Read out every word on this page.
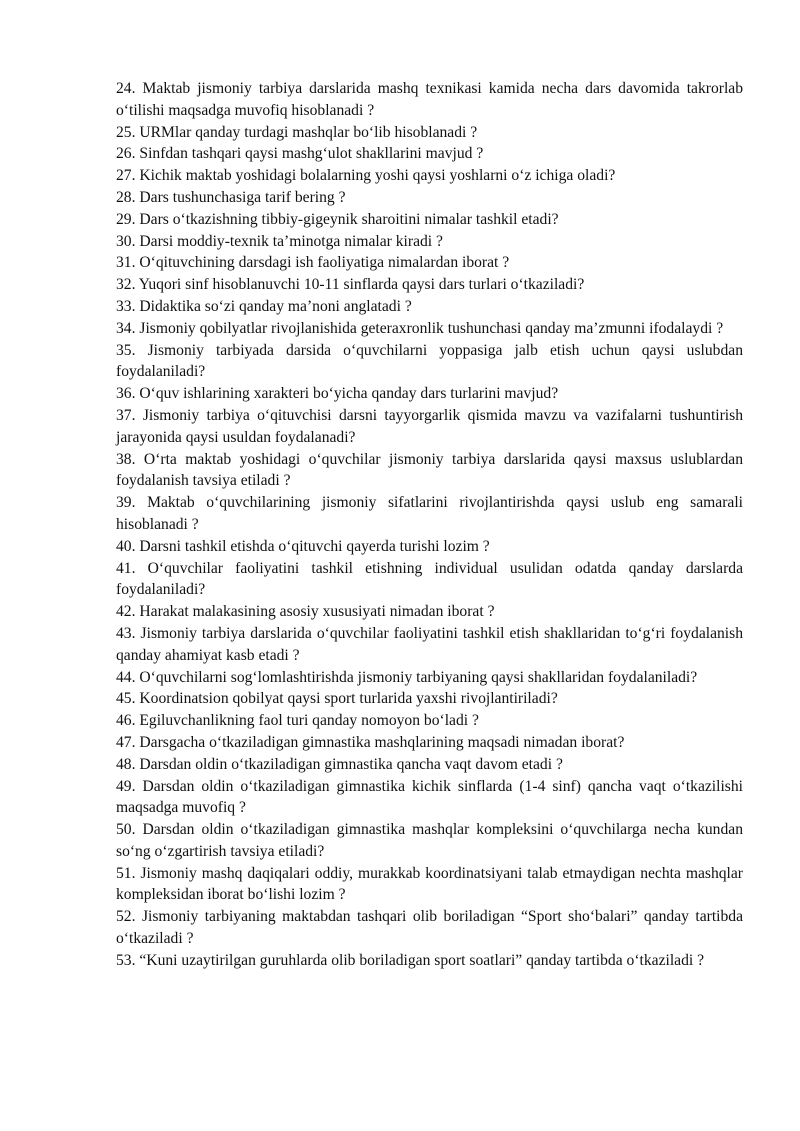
24. Maktab jismoniy tarbiya darslarida mashq texnikasi kamida necha dars davomida takrorlab o‘tilishi maqsadga muvofiq hisoblanadi ?

25. URMlar qanday turdagi mashqlar bo‘lib hisoblanadi ?

26. Sinfdan tashqari qaysi mashg‘ulot shakllarini mavjud ?

27. Kichik maktab yoshidagi bolalarning yoshi qaysi yoshlarni o‘z ichiga oladi?

28. Dars tushunchasiga tarif bering ?

29. Dars o‘tkazishning tibbiy-gigeynik sharoitini nimalar tashkil etadi?

30. Darsi moddiy-texnik ta’minotga nimalar kiradi ?

31. O‘qituvchining darsdagi ish faoliyatiga nimalardan iborat ?

32. Yuqori sinf hisoblanuvchi 10-11 sinflarda qaysi dars turlari o‘tkaziladi?

33. Didaktika so‘zi qanday ma’noni anglatadi ?

34. Jismoniy qobilyatlar rivojlanishida geteraxronlik tushunchasi qanday ma’zmunni ifodalaydi ?

35. Jismoniy tarbiyada darsida o‘quvchilarni yoppasiga jalb etish uchun qaysi uslubdan foydalaniladi?

36. O‘quv ishlarining xarakteri bo‘yicha qanday dars turlarini mavjud?

37. Jismoniy tarbiya o‘qituvchisi darsni tayyorgarlik qismida mavzu va vazifalarni tushuntirish jarayonida qaysi usuldan foydalanadi?

38. O‘rta maktab yoshidagi o‘quvchilar jismoniy tarbiya darslarida qaysi maxsus uslublardan foydalanish tavsiya etiladi ?

39. Maktab o‘quvchilarining jismoniy sifatlarini rivojlantirishda qaysi uslub eng samarali hisoblanadi ?

40. Darsni tashkil etishda o‘qituvchi qayerda turishi lozim ?

41. O‘quvchilar faoliyatini tashkil etishning individual usulidan odatda qanday darslarda foydalaniladi?

42. Harakat malakasining asosiy xususiyati nimadan iborat ?

43. Jismoniy tarbiya darslarida o‘quvchilar faoliyatini tashkil etish shakllaridan to‘g‘ri foydalanish qanday ahamiyat kasb etadi ?

44. O‘quvchilarni sog‘lomlashtirishda jismoniy tarbiyaning qaysi shakllaridan foydalaniladi?

45. Koordinatsion qobilyat qaysi sport turlarida yaxshi rivojlantiriladi?

46. Egiluvchanlikning faol turi qanday nomoyon bo‘ladi ?

47. Darsgacha o‘tkaziladigan gimnastika mashqlarining maqsadi nimadan iborat?

48. Darsdan oldin o‘tkaziladigan gimnastika qancha vaqt davom etadi ?

49. Darsdan oldin o‘tkaziladigan gimnastika kichik sinflarda (1-4 sinf) qancha vaqt o‘tkazilishi maqsadga muvofiq ?

50. Darsdan oldin o‘tkaziladigan gimnastika mashqlar kompleksini o‘quvchilarga necha kundan so‘ng o‘zgartirish tavsiya etiladi?

51. Jismoniy mashq daqiqalari oddiy, murakkab koordinatsiyani talab etmaydigan nechta mashqlar kompleksidan iborat bo‘lishi lozim ?

52. Jismoniy tarbiyaning maktabdan tashqari olib boriladigan “Sport sho‘balari” qanday tartibda o‘tkaziladi ?

53. “Kuni uzaytirilgan guruhlarda olib boriladigan sport soatlari” qanday tartibda o‘tkaziladi ?
